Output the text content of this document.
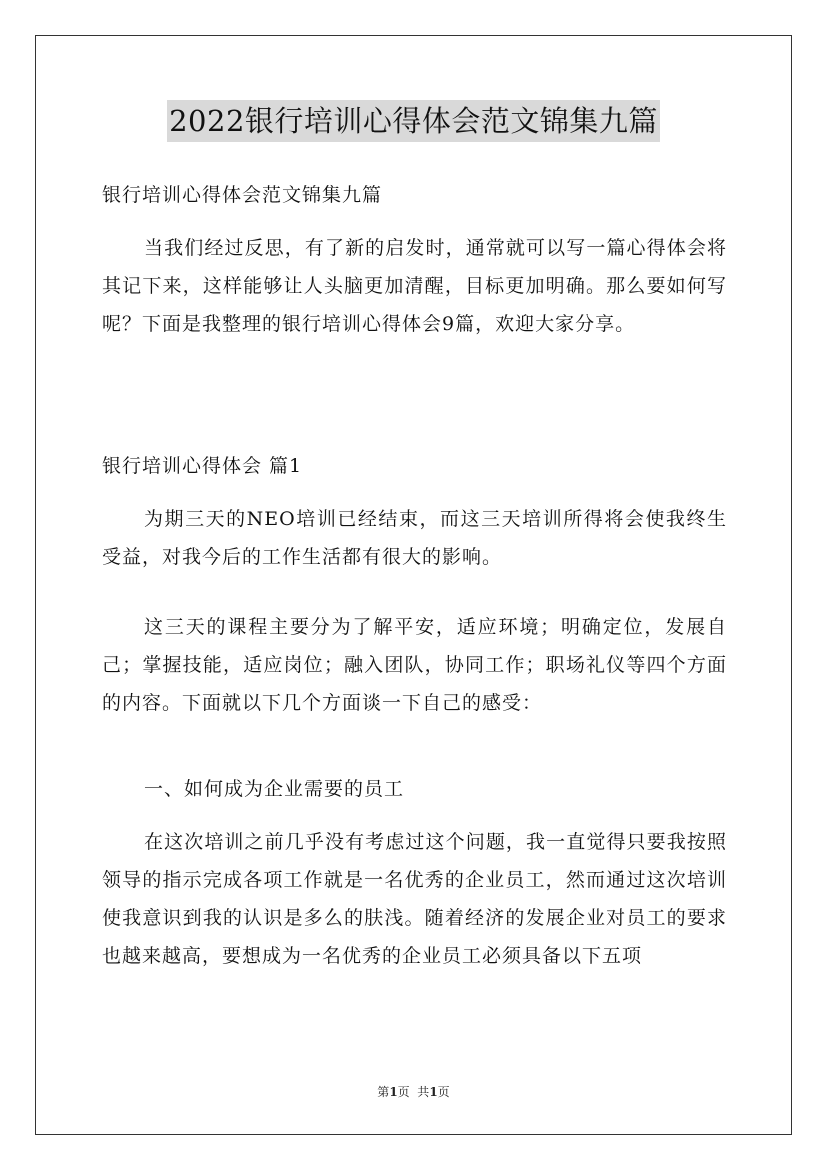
2022银行培训心得体会范文锦集九篇

银行培训心得体会范文锦集九篇

当我们经过反思，有了新的启发时，通常就可以写一篇心得体会将其记下来，这样能够让人头脑更加清醒，目标更加明确。那么要如何写呢？下面是我整理的银行培训心得体会9篇，欢迎大家分享。

银行培训心得体会 篇1

为期三天的NEO培训已经结束，而这三天培训所得将会使我终生受益，对我今后的工作生活都有很大的影响。

这三天的课程主要分为了解平安，适应环境；明确定位，发展自己；掌握技能，适应岗位；融入团队，协同工作；职场礼仪等四个方面的内容。下面就以下几个方面谈一下自己的感受：

一、如何成为企业需要的员工

在这次培训之前几乎没有考虑过这个问题，我一直觉得只要我按照领导的指示完成各项工作就是一名优秀的企业员工，然而通过这次培训使我意识到我的认识是多么的肤浅。随着经济的发展企业对员工的要求也越来越高，要想成为一名优秀的企业员工必须具备以下五项

第1页  共1页
